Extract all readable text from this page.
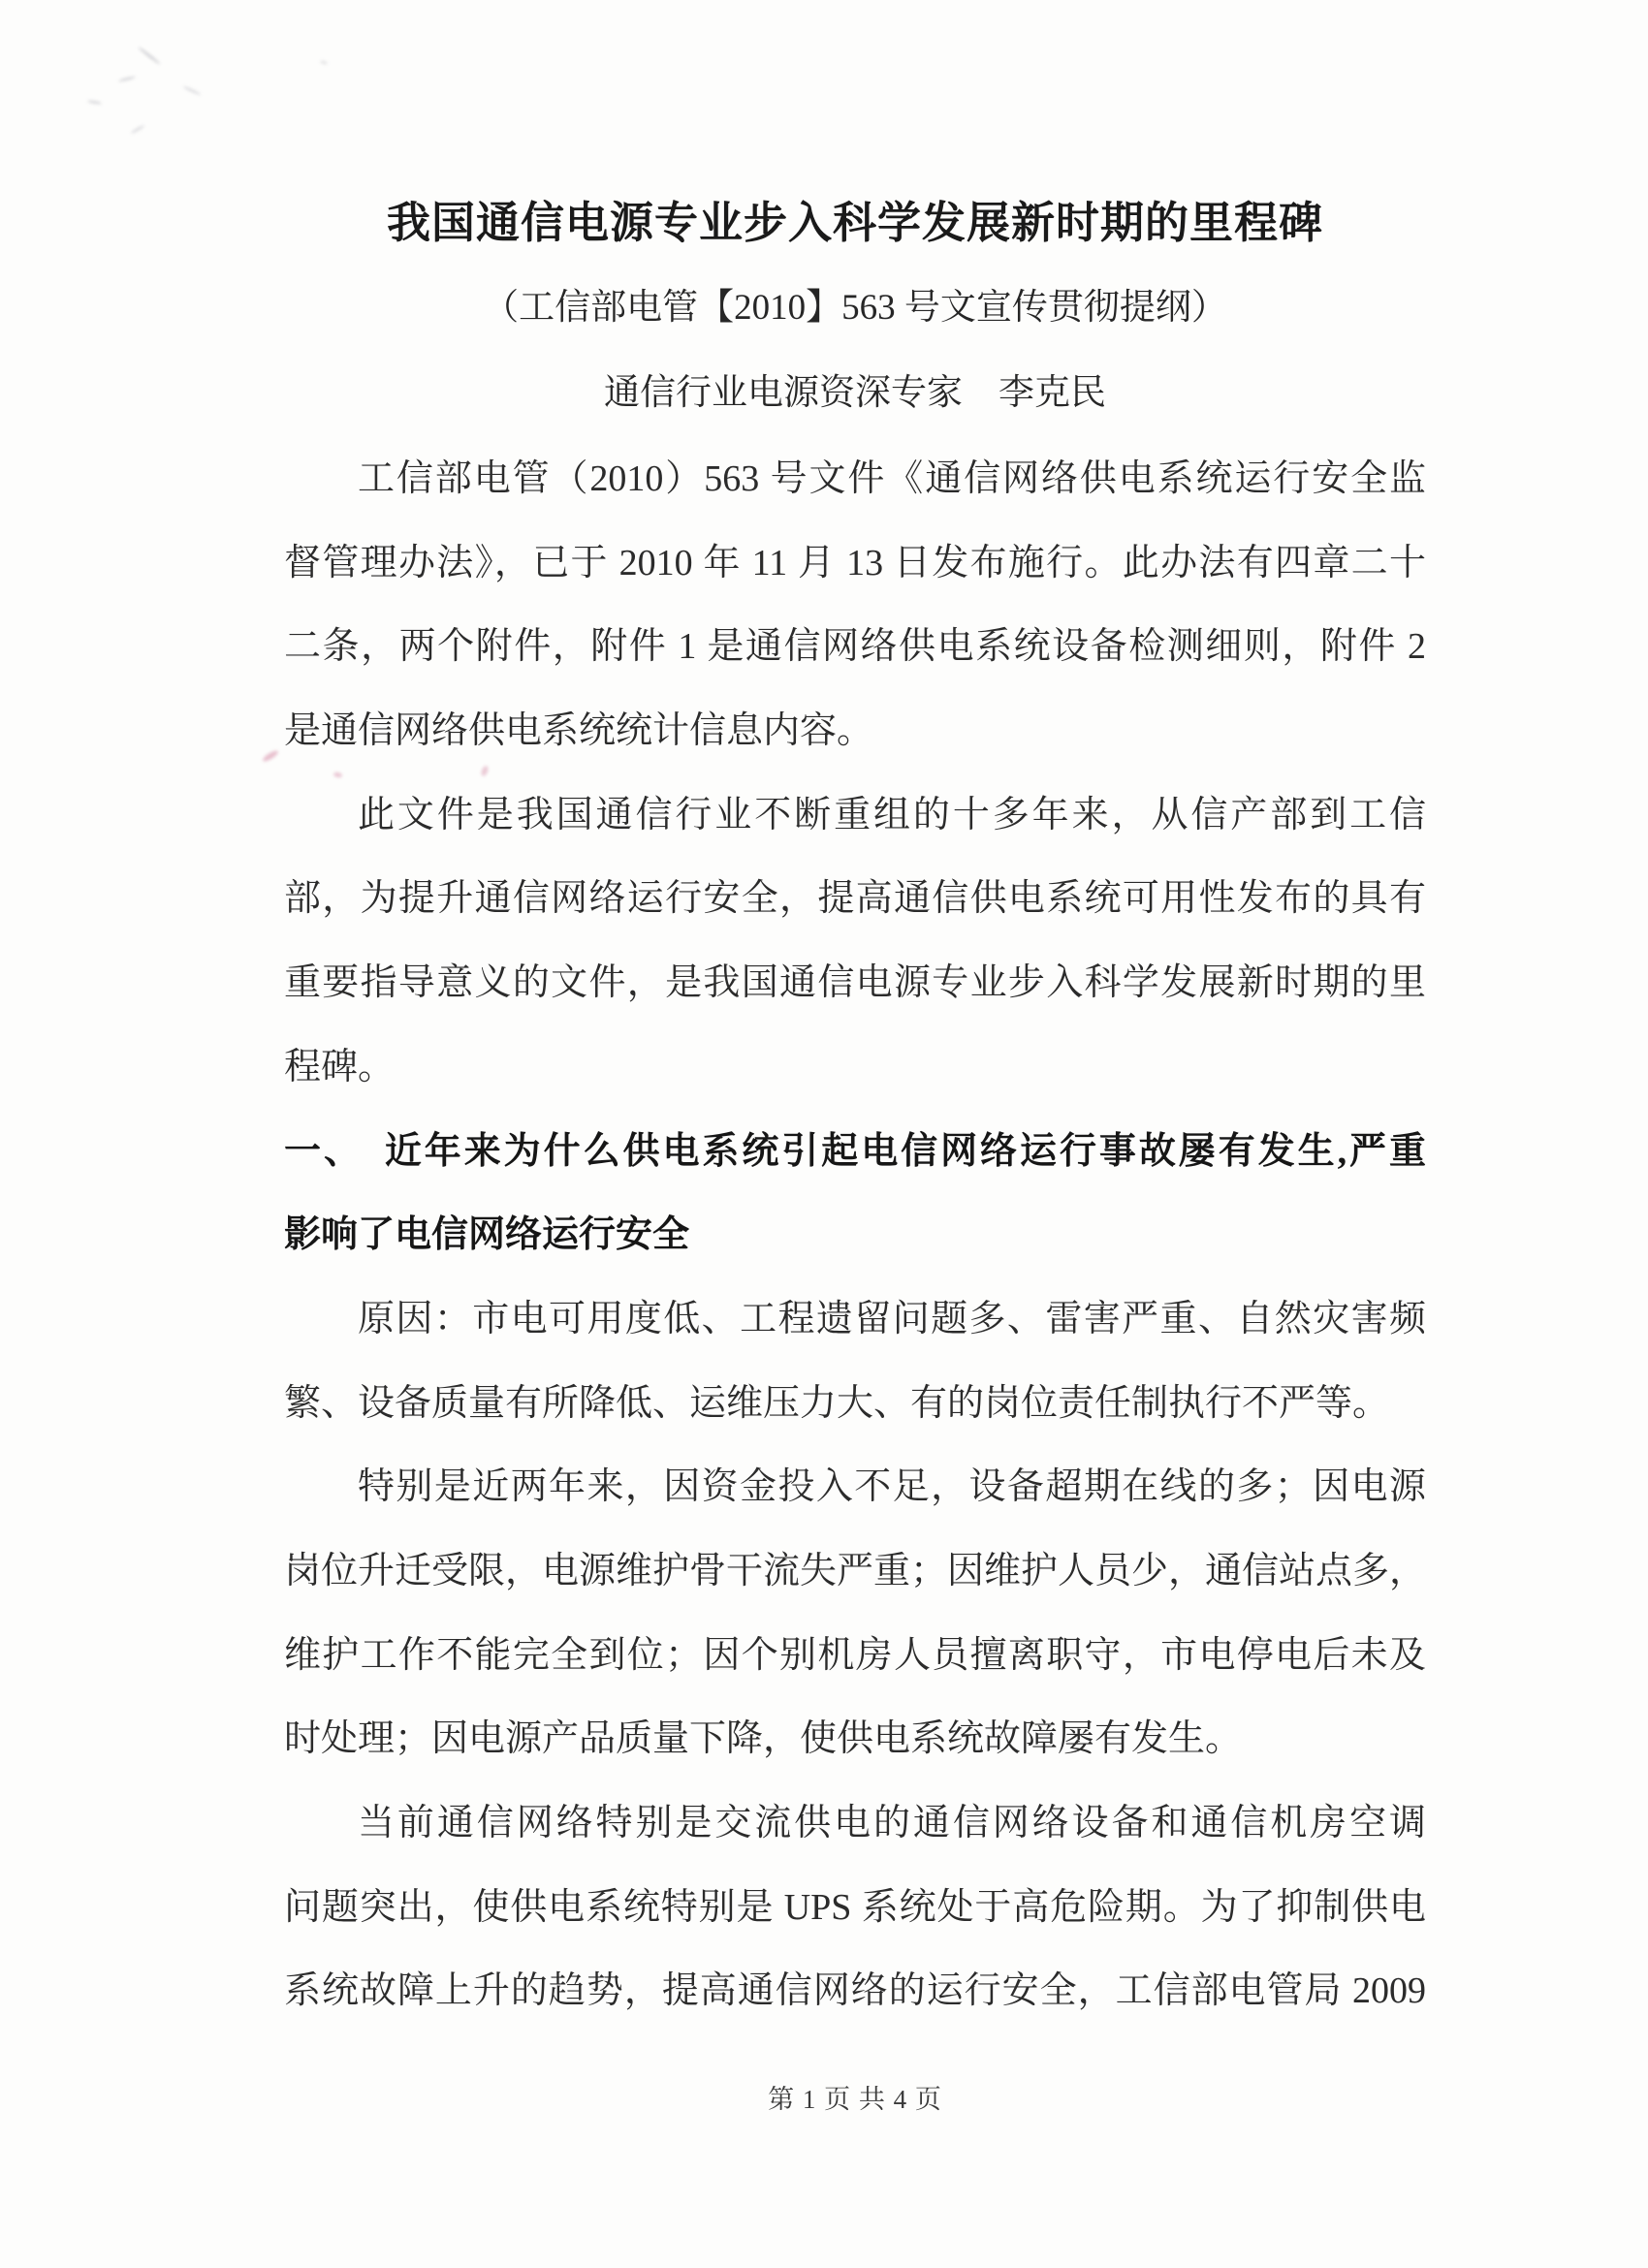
我国通信电源专业步入科学发展新时期的里程碑
（工信部电管【2010】563 号文宣传贯彻提纲）
通信行业电源资深专家　李克民
工信部电管（2010）563 号文件《通信网络供电系统运行安全监
督管理办法》，已于 2010 年 11 月 13 日发布施行。此办法有四章二十
二条，两个附件，附件 1 是通信网络供电系统设备检测细则，附件 2
是通信网络供电系统统计信息内容。
此文件是我国通信行业不断重组的十多年来，从信产部到工信
部，为提升通信网络运行安全，提高通信供电系统可用性发布的具有
重要指导意义的文件，是我国通信电源专业步入科学发展新时期的里
程碑。
一、　近年来为什么供电系统引起电信网络运行事故屡有发生,严重
影响了电信网络运行安全
原因：市电可用度低、工程遗留问题多、雷害严重、自然灾害频
繁、设备质量有所降低、运维压力大、有的岗位责任制执行不严等。
特别是近两年来，因资金投入不足，设备超期在线的多；因电源
岗位升迁受限，电源维护骨干流失严重；因维护人员少，通信站点多，
维护工作不能完全到位；因个别机房人员擅离职守，市电停电后未及
时处理；因电源产品质量下降，使供电系统故障屡有发生。
当前通信网络特别是交流供电的通信网络设备和通信机房空调
问题突出，使供电系统特别是 UPS 系统处于高危险期。为了抑制供电
系统故障上升的趋势，提高通信网络的运行安全，工信部电管局 2009
第 1 页 共 4 页
